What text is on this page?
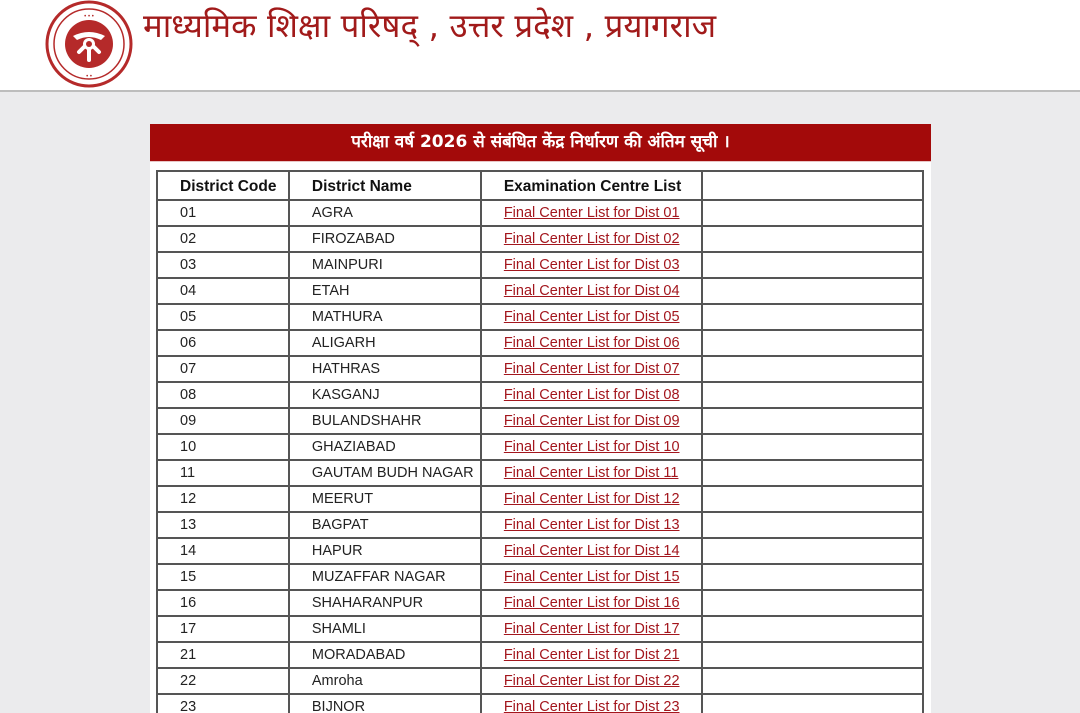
• • •
• •
माध्यमिक शिक्षा परिषद् , उत्तर प्रदेश , प्रयागराज
परीक्षा वर्ष 2026 से संबंधित केंद्र निर्धारण की अंतिम सूची ।
District Code	District Name	Examination Centre List	
01	AGRA	Final Center List for Dist 01	
02	FIROZABAD	Final Center List for Dist 02	
03	MAINPURI	Final Center List for Dist 03	
04	ETAH	Final Center List for Dist 04	
05	MATHURA	Final Center List for Dist 05	
06	ALIGARH	Final Center List for Dist 06	
07	HATHRAS	Final Center List for Dist 07	
08	KASGANJ	Final Center List for Dist 08	
09	BULANDSHAHR	Final Center List for Dist 09	
10	GHAZIABAD	Final Center List for Dist 10	
11	GAUTAM BUDH NAGAR	Final Center List for Dist 11	
12	MEERUT	Final Center List for Dist 12	
13	BAGPAT	Final Center List for Dist 13	
14	HAPUR	Final Center List for Dist 14	
15	MUZAFFAR NAGAR	Final Center List for Dist 15	
16	SHAHARANPUR	Final Center List for Dist 16	
17	SHAMLI	Final Center List for Dist 17	
21	MORADABAD	Final Center List for Dist 21	
22	Amroha	Final Center List for Dist 22	
23	BIJNOR	Final Center List for Dist 23	
